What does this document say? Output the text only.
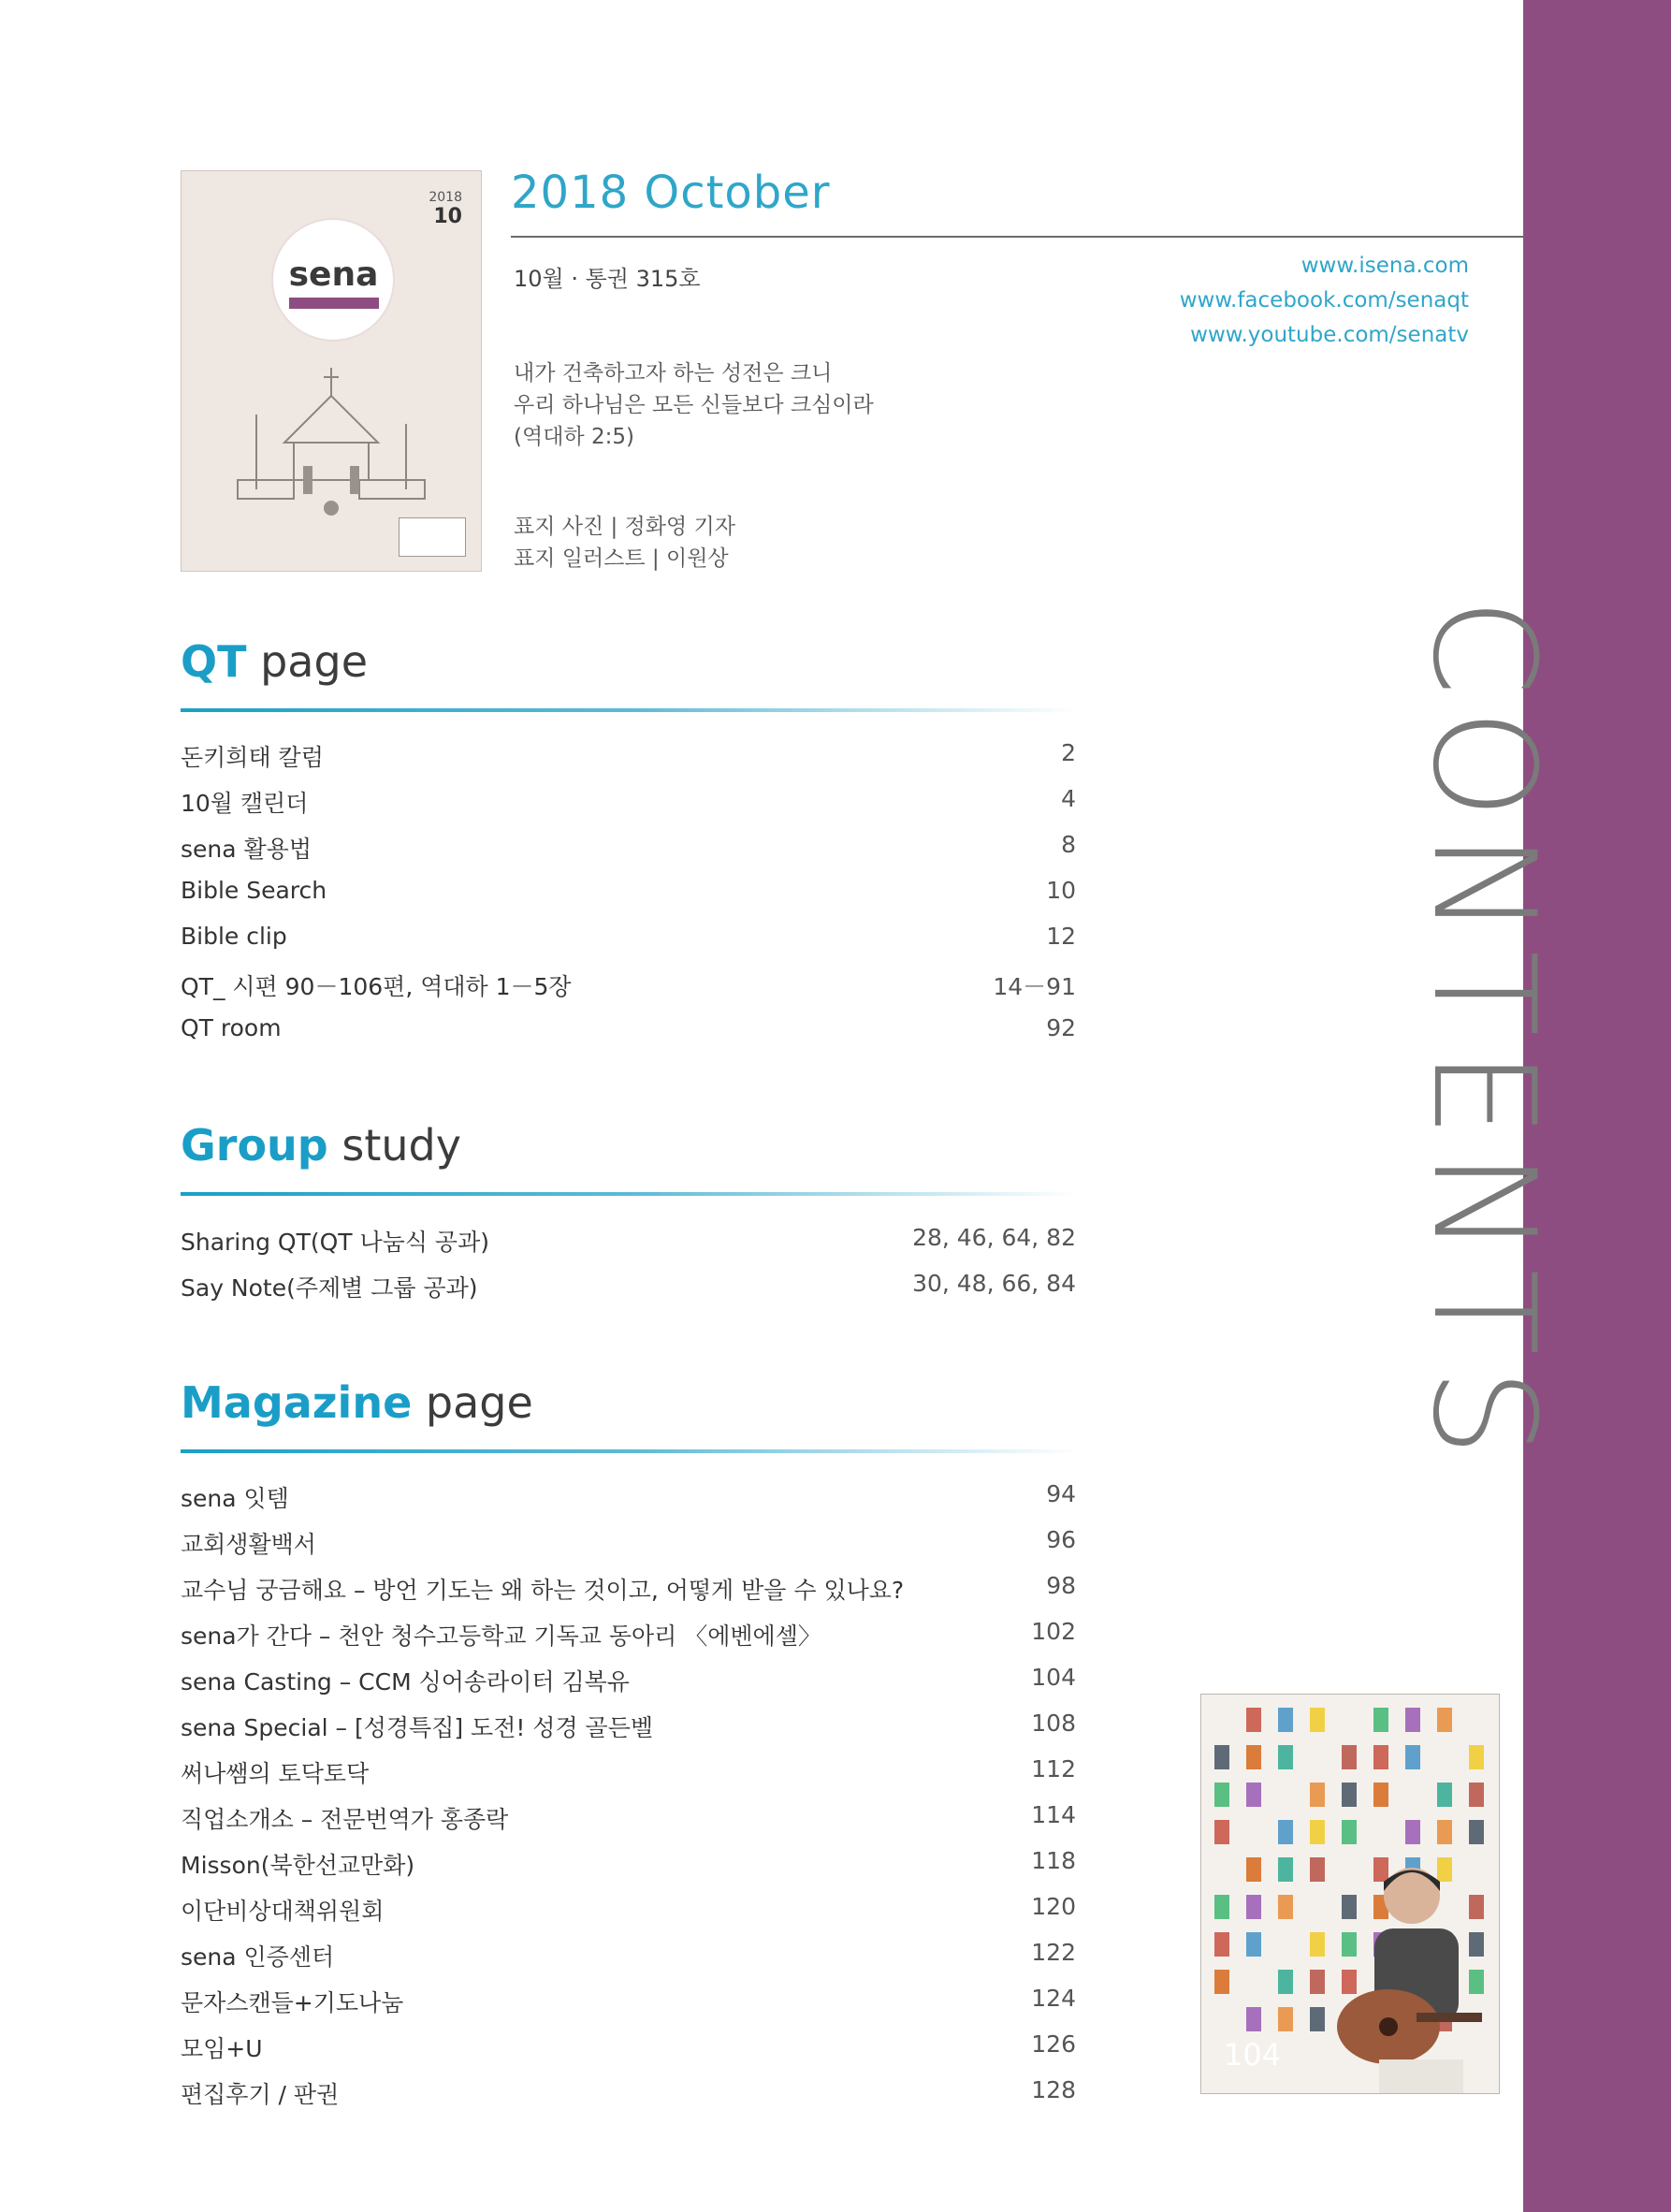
CONTENTS
2018
10
sena
2018 October
10월 · 통권 315호	www.isena.com
www.facebook.com/senaqt
www.youtube.com/senatv
내가 건축하고자 하는 성전은 크니
우리 하나님은 모든 신들보다 크심이라
(역대하 2:5)
표지 사진 | 정화영 기자
표지 일러스트 | 이원상
QT page
돈키희태 칼럼	2
10월 캘린더	4
sena 활용법	8
Bible Search	10
Bible clip	12
QT_ 시편 90－106편, 역대하 1－5장	14－91
QT room	92
Group study
Sharing QT(QT 나눔식 공과)	28, 46, 64, 82
Say Note(주제별 그룹 공과)	30, 48, 66, 84
Magazine page
sena 잇템	94
교회생활백서	96
교수님 궁금해요 – 방언 기도는 왜 하는 것이고, 어떻게 받을 수 있나요?	98
sena가 간다 – 천안 청수고등학교 기독교 동아리 〈에벤에셀〉	102
sena Casting – CCM 싱어송라이터 김복유	104
sena Special – [성경특집] 도전! 성경 골든벨	108
써나쌤의 토닥토닥	112
직업소개소 – 전문번역가 홍종락	114
Misson(북한선교만화)	118
이단비상대책위원회	120
sena 인증센터	122
문자스캔들+기도나눔	124
모임+U	126
편집후기 / 판권	128
104
